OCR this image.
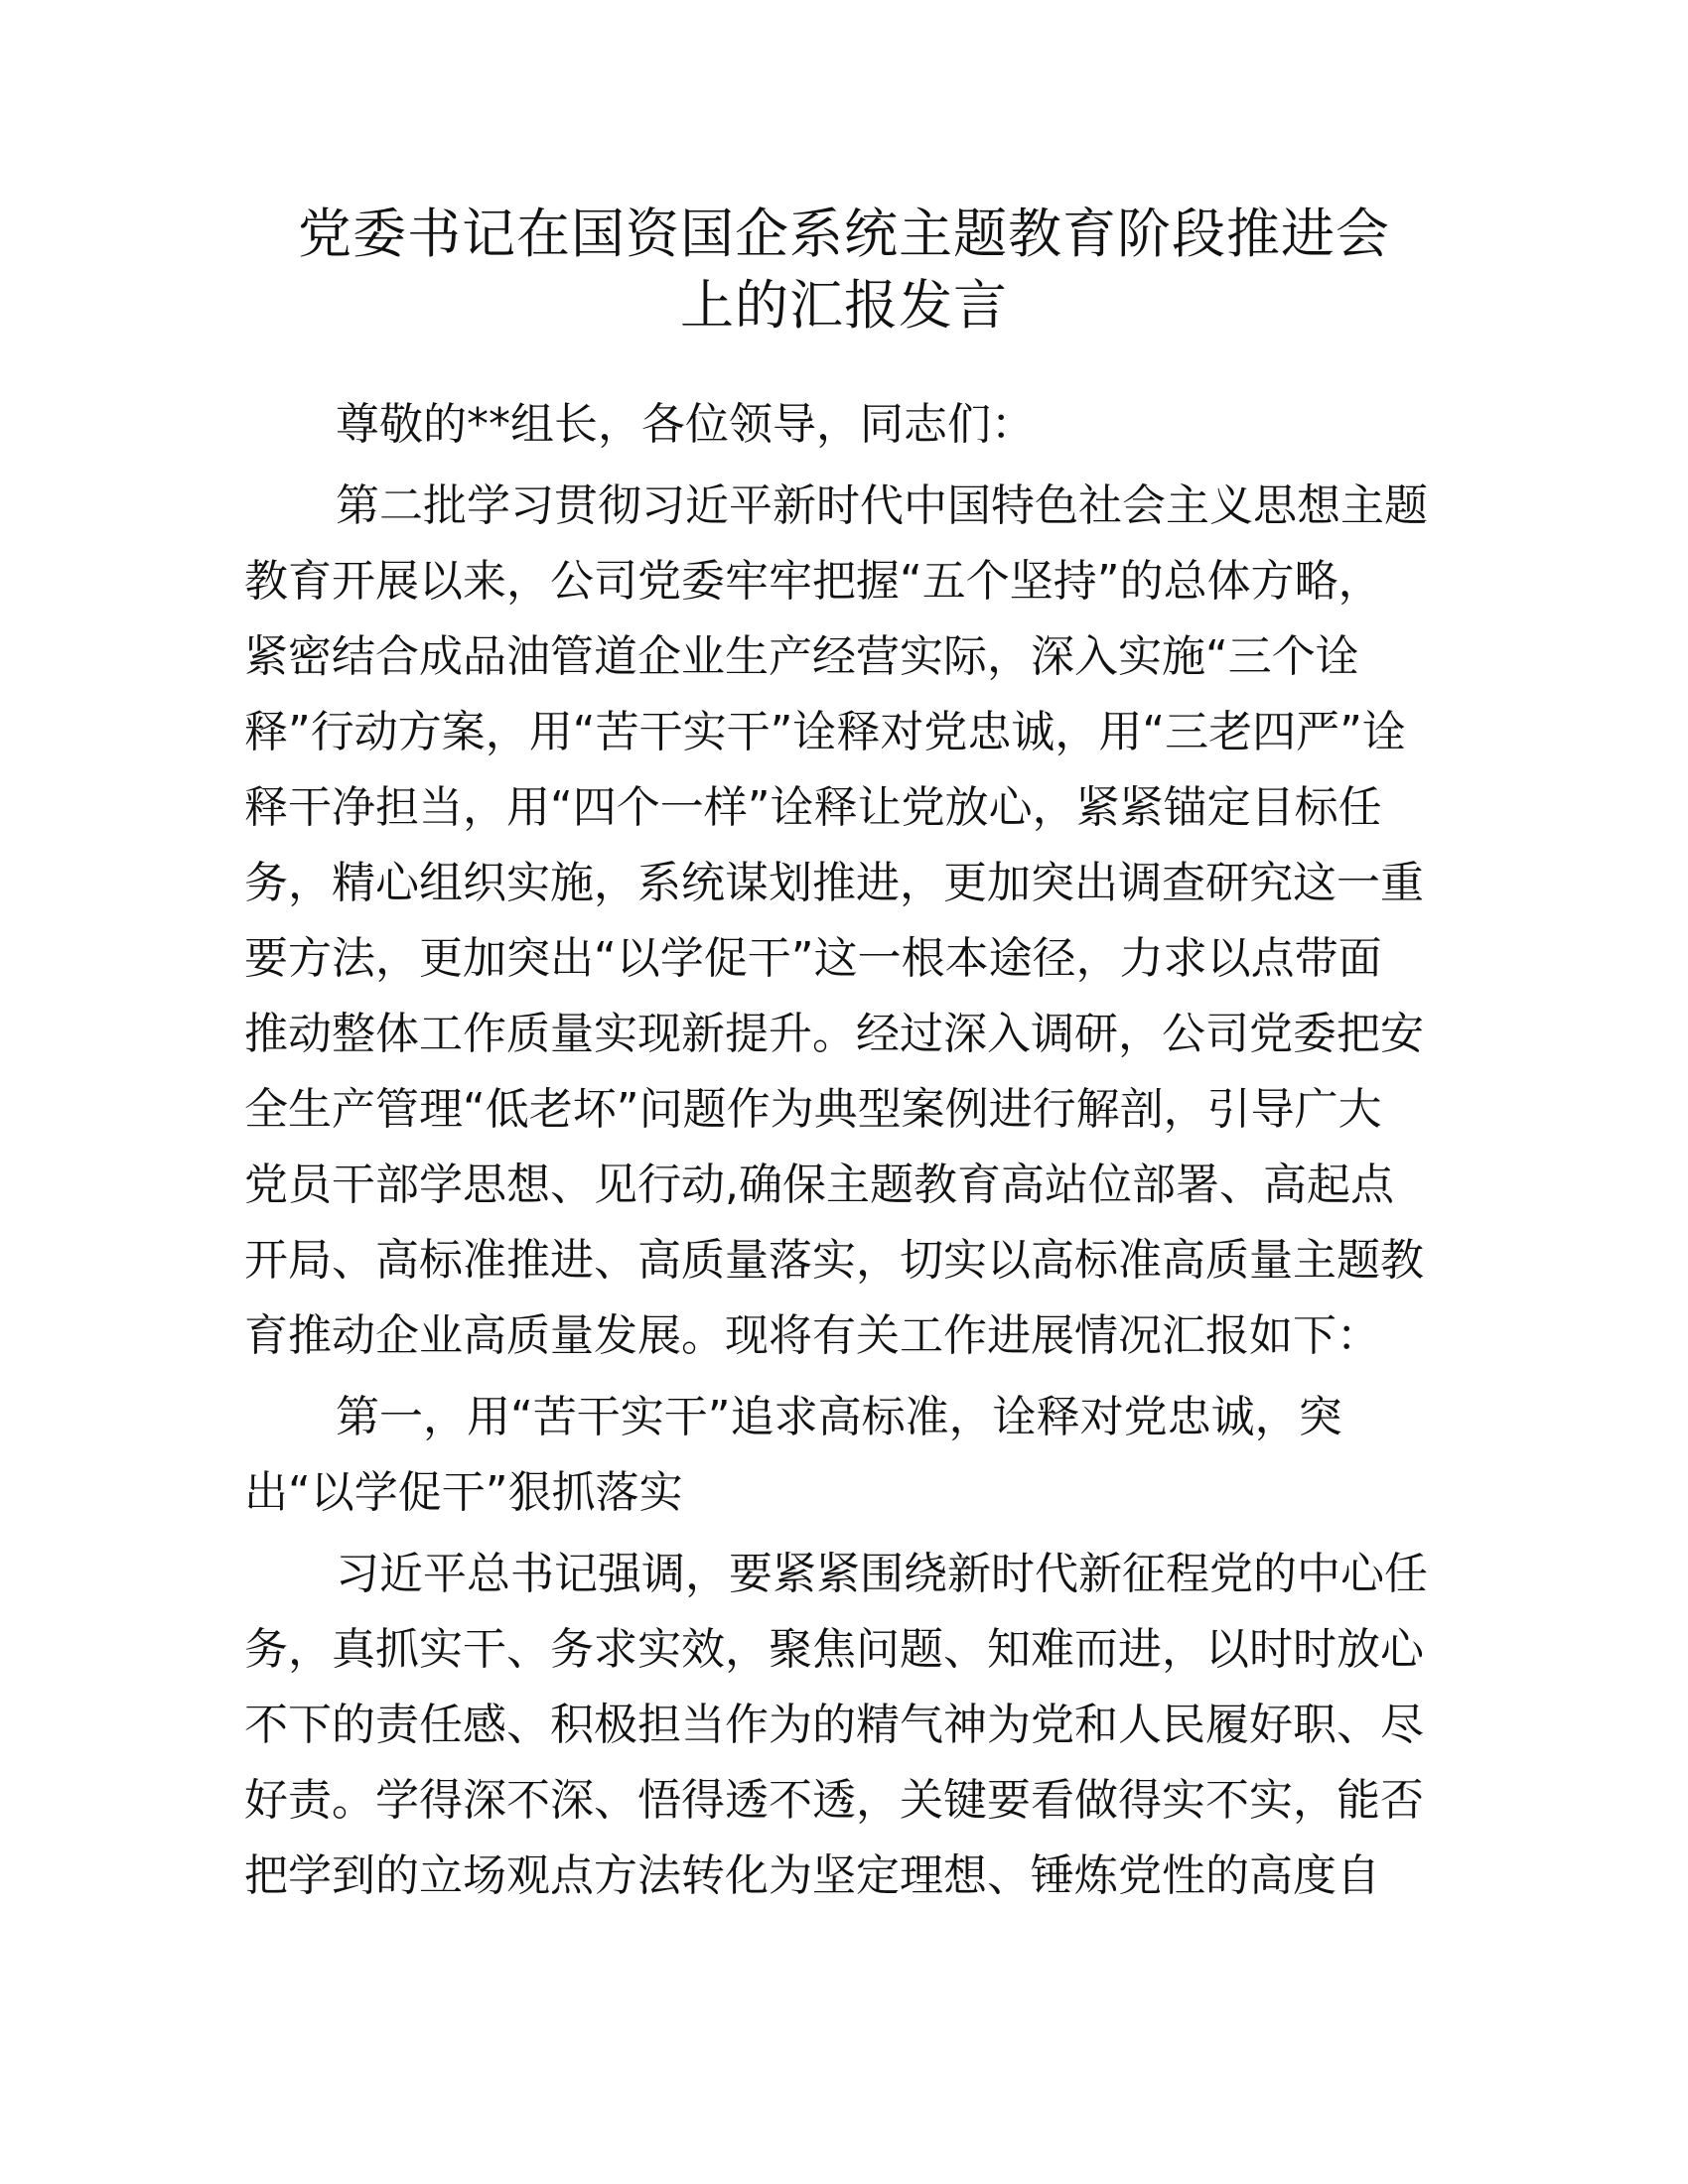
党委书记在国资国企系统主题教育阶段推进会
上的汇报发言

尊敬的**组长，各位领导，同志们：

第二批学习贯彻习近平新时代中国特色社会主义思想主题
教育开展以来，公司党委牢牢把握“五个坚持”的总体方略，
紧密结合成品油管道企业生产经营实际，深入实施“三个诠
释”行动方案，用“苦干实干”诠释对党忠诚，用“三老四严”诠
释干净担当，用“四个一样”诠释让党放心，紧紧锚定目标任
务，精心组织实施，系统谋划推进，更加突出调查研究这一重
要方法，更加突出“以学促干”这一根本途径，力求以点带面
推动整体工作质量实现新提升。经过深入调研，公司党委把安
全生产管理“低老坏”问题作为典型案例进行解剖，引导广大
党员干部学思想、见行动,确保主题教育高站位部署、高起点
开局、高标准推进、高质量落实，切实以高标准高质量主题教
育推动企业高质量发展。现将有关工作进展情况汇报如下：

第一，用“苦干实干”追求高标准，诠释对党忠诚，突
出“以学促干”狠抓落实

习近平总书记强调，要紧紧围绕新时代新征程党的中心任
务，真抓实干、务求实效，聚焦问题、知难而进，以时时放心
不下的责任感、积极担当作为的精气神为党和人民履好职、尽
好责。学得深不深、悟得透不透，关键要看做得实不实，能否
把学到的立场观点方法转化为坚定理想、锤炼党性的高度自
